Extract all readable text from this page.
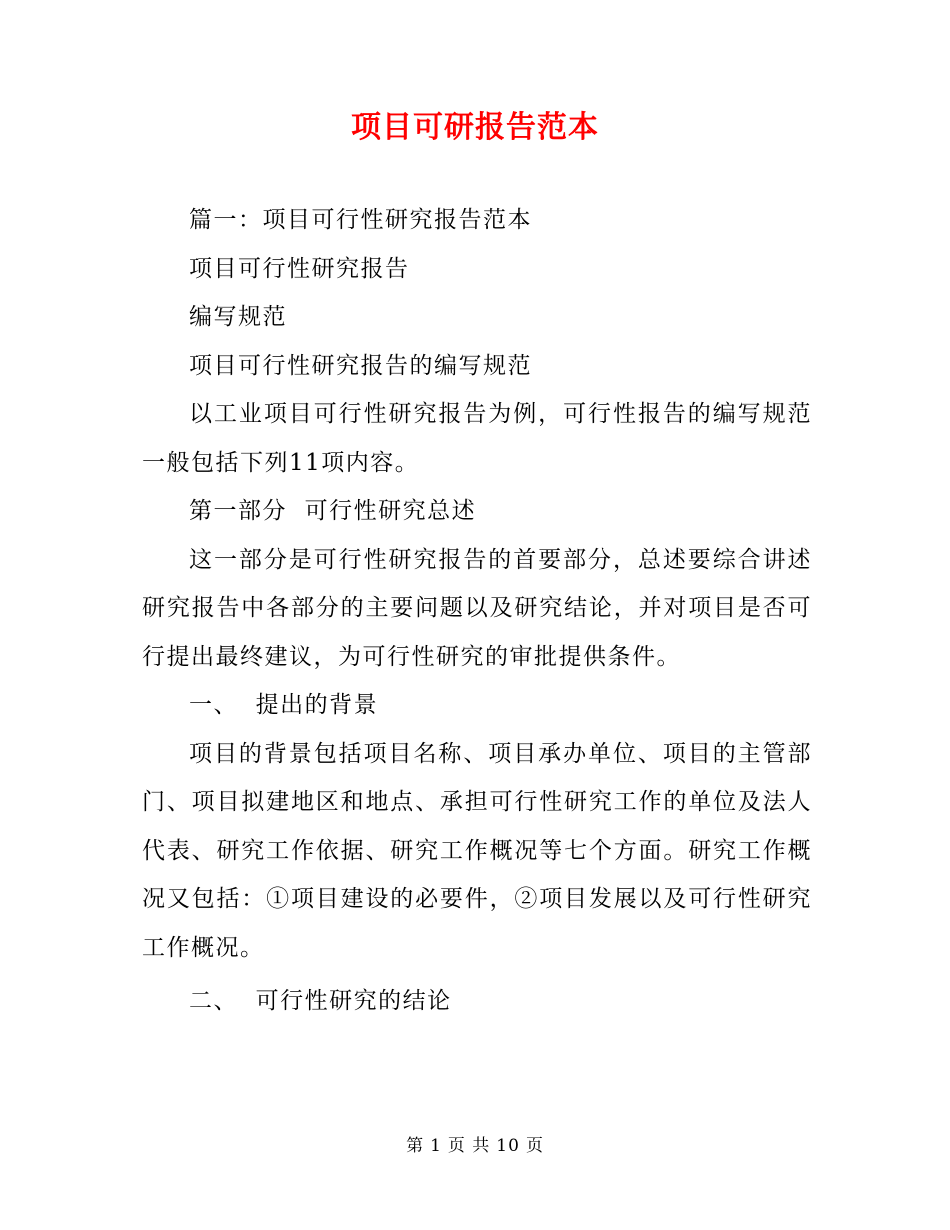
项目可研报告范本

篇一：项目可行性研究报告范本

项目可行性研究报告

编写规范

项目可行性研究报告的编写规范

以工业项目可行性研究报告为例，可行性报告的编写规范一般包括下列11项内容。

第一部分  可行性研究总述

这一部分是可行性研究报告的首要部分，总述要综合讲述研究报告中各部分的主要问题以及研究结论，并对项目是否可行提出最终建议，为可行性研究的审批提供条件。

一、  提出的背景

项目的背景包括项目名称、项目承办单位、项目的主管部门、项目拟建地区和地点、承担可行性研究工作的单位及法人代表、研究工作依据、研究工作概况等七个方面。研究工作概况又包括：①项目建设的必要件，②项目发展以及可行性研究工作概况。

二、  可行性研究的结论

第 1 页 共 10 页
